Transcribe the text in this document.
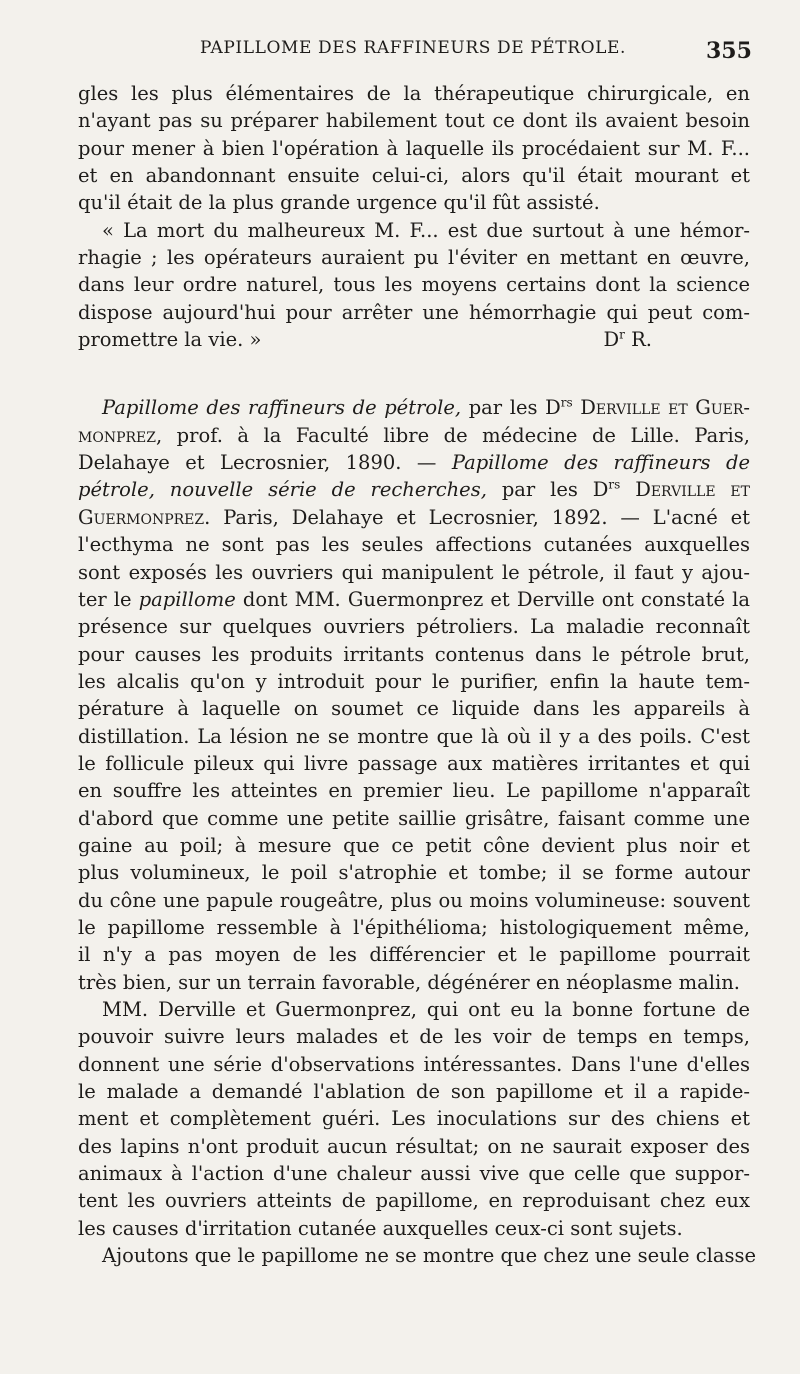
PAPILLOME DES RAFFINEURS DE PÉTROLE.	355
gles les plus élémentaires de la thérapeutique chirurgicale, en
n'ayant pas su préparer habilement tout ce dont ils avaient besoin
pour mener à bien l'opération à laquelle ils procédaient sur M. F...
et en abandonnant ensuite celui-ci, alors qu'il était mourant et
qu'il était de la plus grande urgence qu'il fût assisté.
« La mort du malheureux M. F... est due surtout à une hémor-
rhagie ; les opérateurs auraient pu l'éviter en mettant en œuvre,
dans leur ordre naturel, tous les moyens certains dont la science
dispose aujourd'hui pour arrêter une hémorrhagie qui peut com-
promettre la vie. »	$D^r$ R.
Papillome des raffineurs de pétrole, par les $D^{rs}$ Derville et Guer-
monprez, prof. à la Faculté libre de médecine de Lille. Paris,
Delahaye et Lecrosnier, 1890. — Papillome des raffineurs de
pétrole, nouvelle série de recherches, par les $D^{rs}$ Derville et
Guermonprez. Paris, Delahaye et Lecrosnier, 1892. — L'acné et
l'ecthyma ne sont pas les seules affections cutanées auxquelles
sont exposés les ouvriers qui manipulent le pétrole, il faut y ajou-
ter le papillome dont MM. Guermonprez et Derville ont constaté la
présence sur quelques ouvriers pétroliers. La maladie reconnaît
pour causes les produits irritants contenus dans le pétrole brut,
les alcalis qu'on y introduit pour le purifier, enfin la haute tem-
pérature à laquelle on soumet ce liquide dans les appareils à
distillation. La lésion ne se montre que là où il y a des poils. C'est
le follicule pileux qui livre passage aux matières irritantes et qui
en souffre les atteintes en premier lieu. Le papillome n'apparaît
d'abord que comme une petite saillie grisâtre, faisant comme une
gaine au poil; à mesure que ce petit cône devient plus noir et
plus volumineux, le poil s'atrophie et tombe; il se forme autour
du cône une papule rougeâtre, plus ou moins volumineuse: souvent
le papillome ressemble à l'épithélioma; histologiquement même,
il n'y a pas moyen de les différencier et le papillome pourrait
très bien, sur un terrain favorable, dégénérer en néoplasme malin.
MM. Derville et Guermonprez, qui ont eu la bonne fortune de
pouvoir suivre leurs malades et de les voir de temps en temps,
donnent une série d'observations intéressantes. Dans l'une d'elles
le malade a demandé l'ablation de son papillome et il a rapide-
ment et complètement guéri. Les inoculations sur des chiens et
des lapins n'ont produit aucun résultat; on ne saurait exposer des
animaux à l'action d'une chaleur aussi vive que celle que suppor-
tent les ouvriers atteints de papillome, en reproduisant chez eux
les causes d'irritation cutanée auxquelles ceux-ci sont sujets.
Ajoutons que le papillome ne se montre que chez une seule classe
